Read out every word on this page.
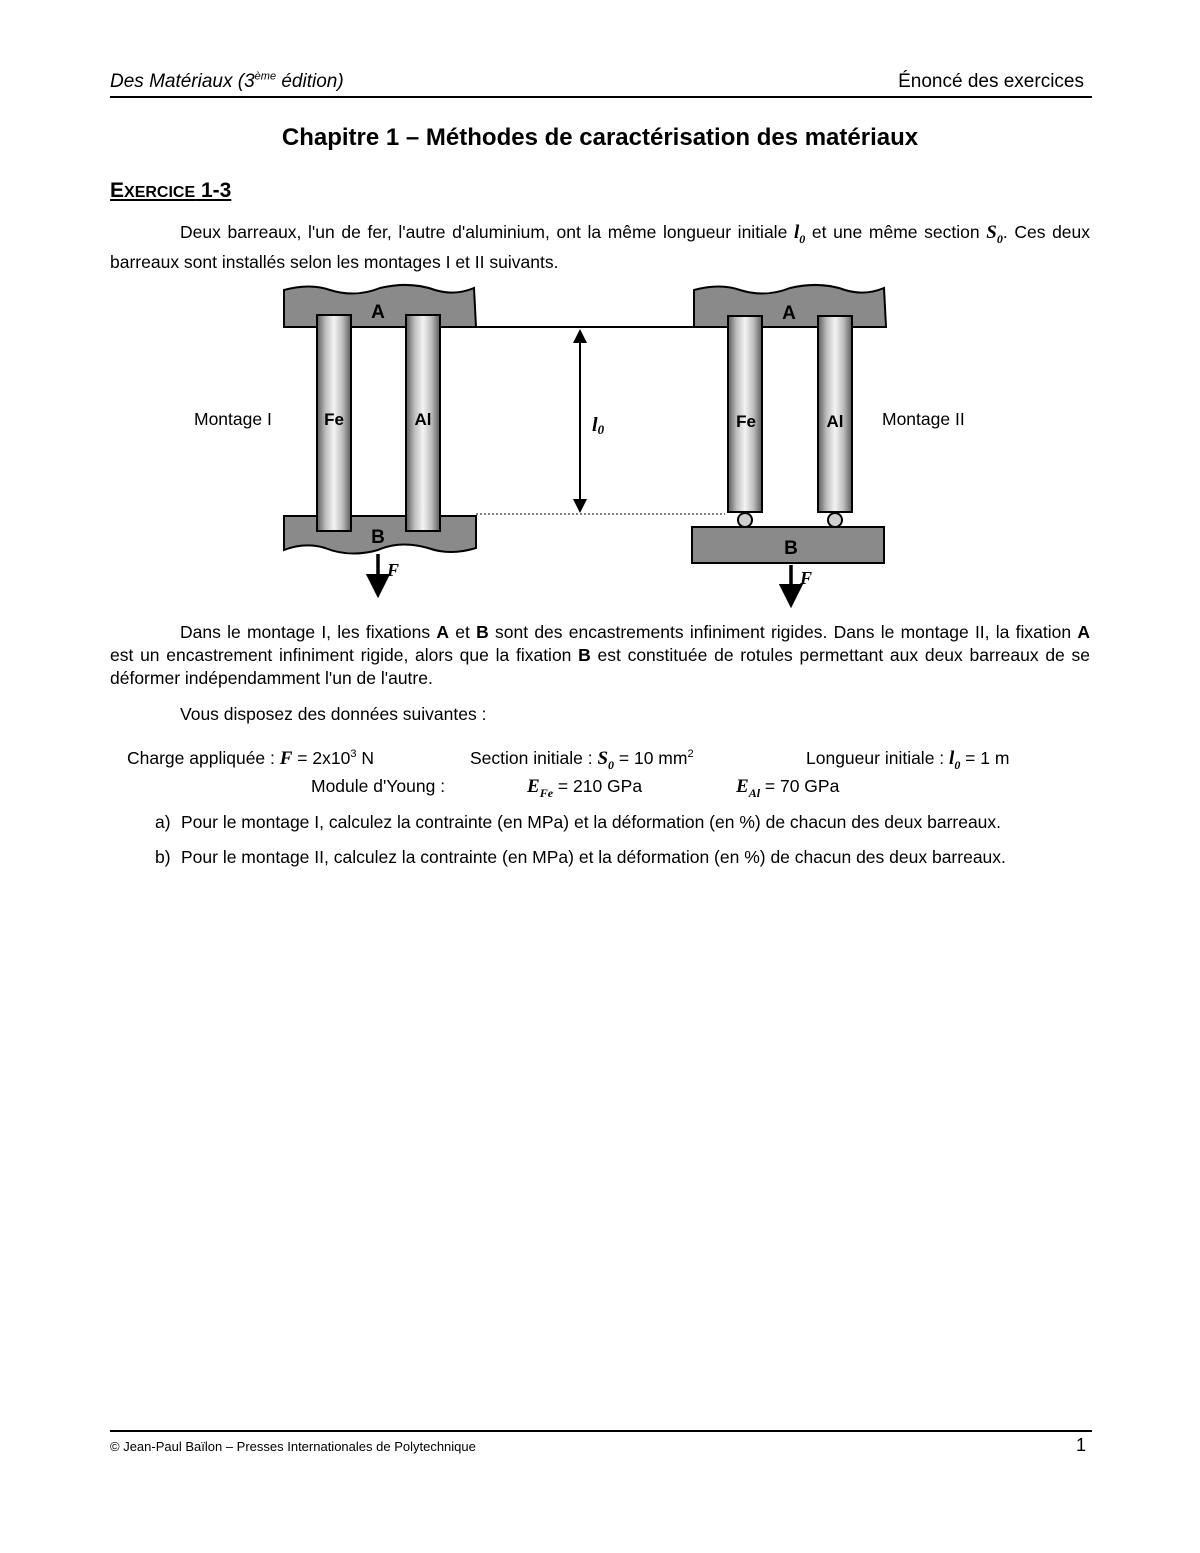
Des Matériaux (3ème édition)	Énoncé des exercices
Chapitre 1 – Méthodes de caractérisation des matériaux
EXERCICE 1-3
Deux barreaux, l'un de fer, l'autre d'aluminium, ont la même longueur initiale $l_0$ et une même section $S_0$. Ces deux barreaux sont installés selon les montages I et II suivants.
Montage I
A
B
Fe	Al
F
l0
A
Fe	Al
B
F
Montage II
Dans le montage I, les fixations A et B sont des encastrements infiniment rigides. Dans le montage II, la fixation A est un encastrement infiniment rigide, alors que la fixation B est constituée de rotules permettant aux deux barreaux de se déformer indépendamment l'un de l'autre.
Vous disposez des données suivantes :
Charge appliquée : $F = 2x10^3$ N	Section initiale : $S_0 = 10$ $mm^2$	Longueur initiale : $l_0 = 1$ m
Module d'Young :	$E_{Fe} = 210$ GPa	$E_{Al} = 70$ GPa
a) Pour le montage I, calculez la contrainte (en MPa) et la déformation (en %) de chacun des deux barreaux.
b) Pour le montage II, calculez la contrainte (en MPa) et la déformation (en %) de chacun des deux barreaux.
© Jean-Paul Baïlon – Presses Internationales de Polytechnique	1
